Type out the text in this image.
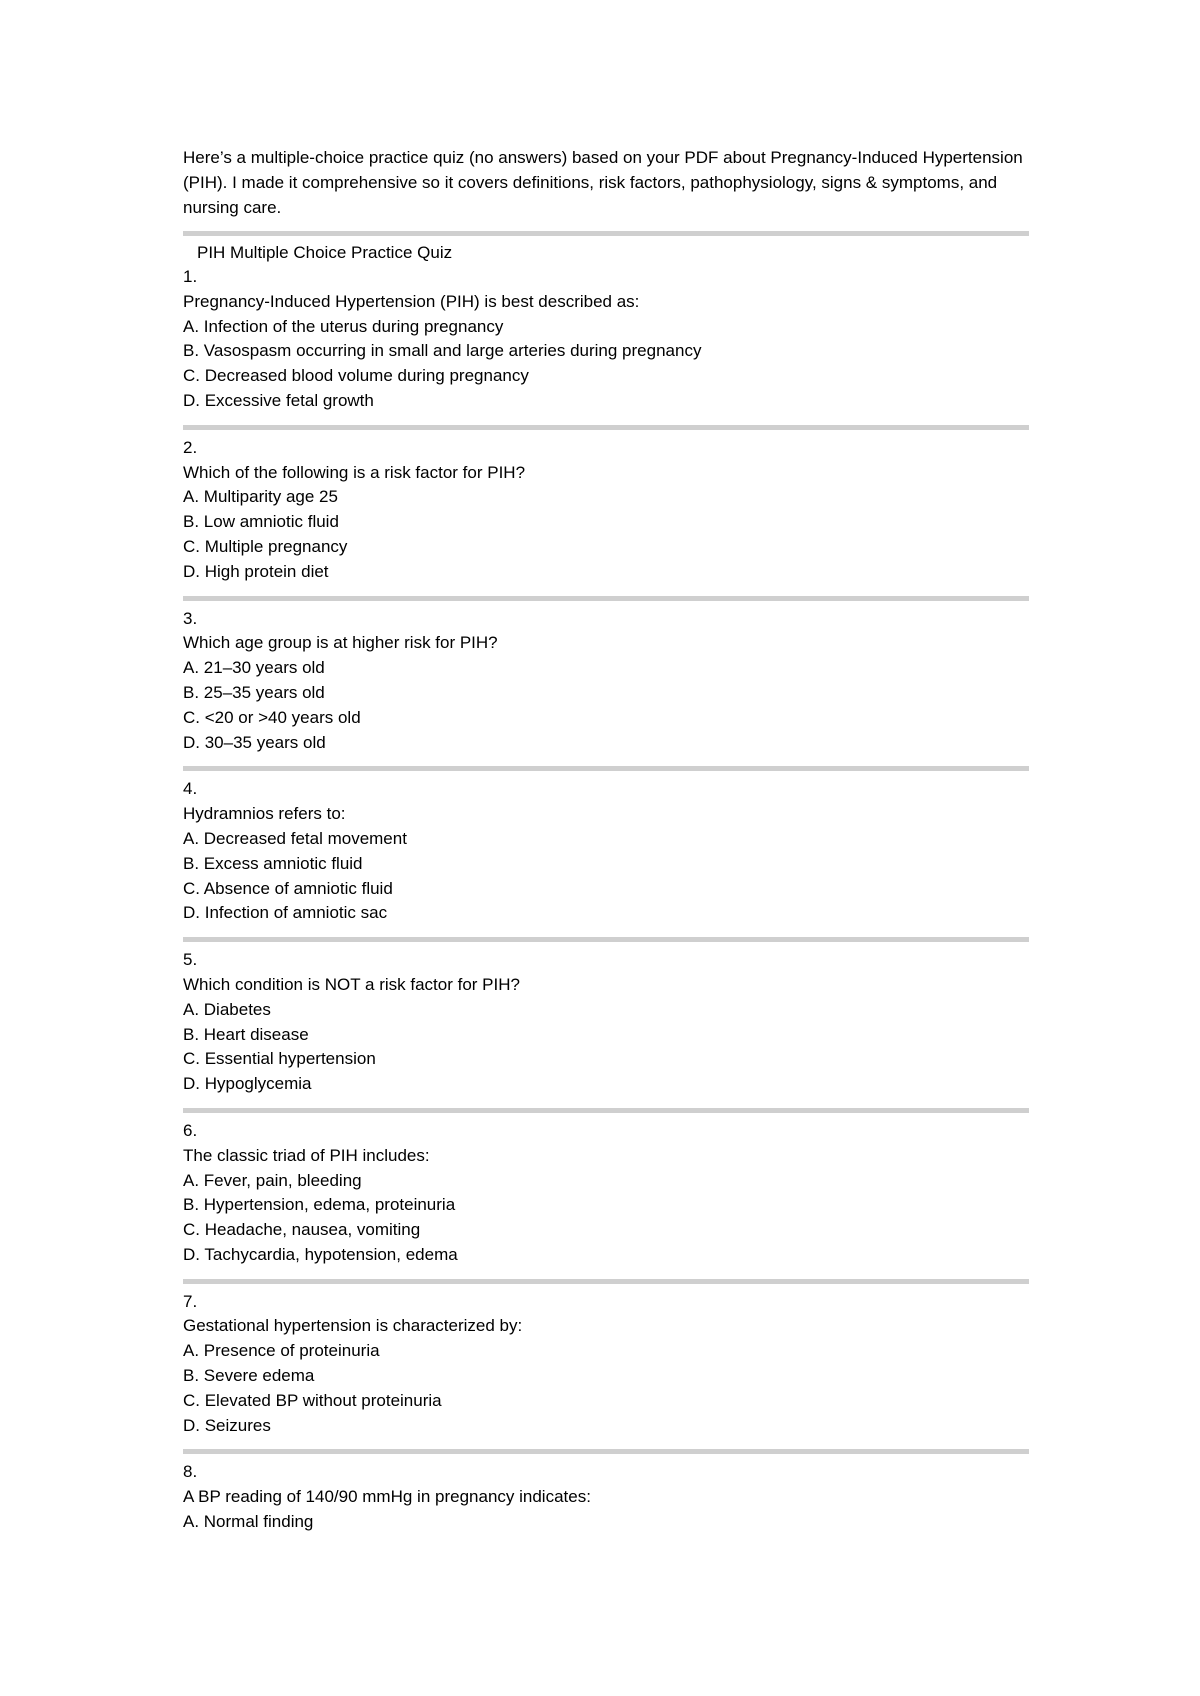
Here’s a multiple-choice practice quiz (no answers) based on your PDF about Pregnancy-Induced Hypertension (PIH). I made it comprehensive so it covers definitions, risk factors, pathophysiology, signs & symptoms, and nursing care.

PIH Multiple Choice Practice Quiz

1.
Pregnancy-Induced Hypertension (PIH) is best described as:
A. Infection of the uterus during pregnancy
B. Vasospasm occurring in small and large arteries during pregnancy
C. Decreased blood volume during pregnancy
D. Excessive fetal growth
2.
Which of the following is a risk factor for PIH?
A. Multiparity age 25
B. Low amniotic fluid
C. Multiple pregnancy
D. High protein diet
3.
Which age group is at higher risk for PIH?
A. 21–30 years old
B. 25–35 years old
C. <20 or >40 years old
D. 30–35 years old
4.
Hydramnios refers to:
A. Decreased fetal movement
B. Excess amniotic fluid
C. Absence of amniotic fluid
D. Infection of amniotic sac
5.
Which condition is NOT a risk factor for PIH?
A. Diabetes
B. Heart disease
C. Essential hypertension
D. Hypoglycemia
6.
The classic triad of PIH includes:
A. Fever, pain, bleeding
B. Hypertension, edema, proteinuria
C. Headache, nausea, vomiting
D. Tachycardia, hypotension, edema
7.
Gestational hypertension is characterized by:
A. Presence of proteinuria
B. Severe edema
C. Elevated BP without proteinuria
D. Seizures
8.
A BP reading of 140/90 mmHg in pregnancy indicates:
A. Normal finding
